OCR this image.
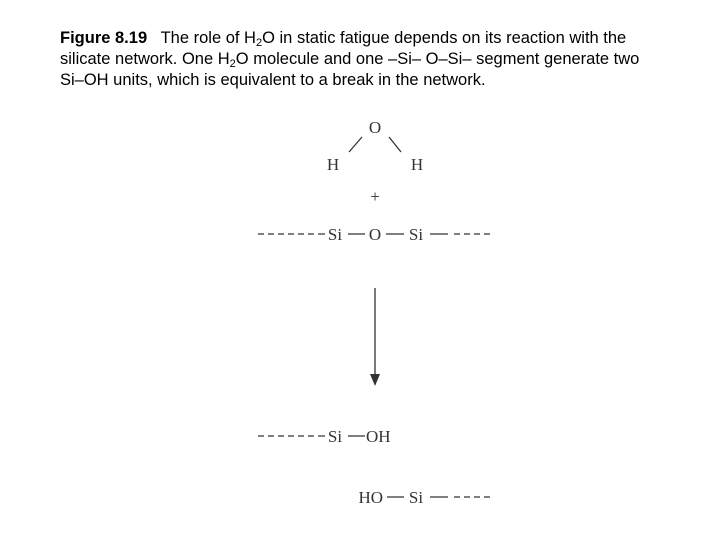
Figure 8.19 The role of $H_2O$ in static fatigue depends on its reaction with the
silicate network. One $H_2O$ molecule and one –Si– O–Si– segment generate two
Si–OH units, which is equivalent to a break in the network.
O
H	H
+
Si O Si
Si OH
HO Si
